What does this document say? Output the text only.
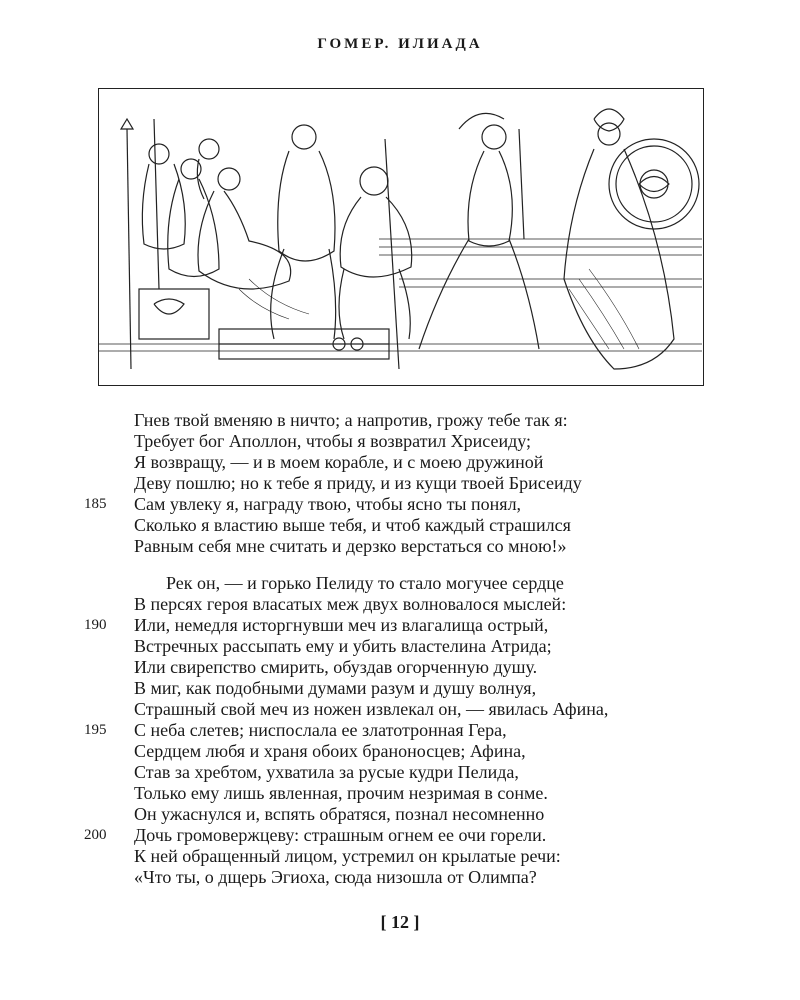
ГОМЕР. ИЛИАДА
Гнев твой вменяю в ничто; а напротив, грожу тебе так я:
Требует бог Аполлон, чтобы я возвратил Хрисеиду;
Я возвращу, — и в моем корабле, и с моею дружиной
Деву пошлю; но к тебе я приду, и из кущи твоей Брисеиду
185	Сам увлеку я, награду твою, чтобы ясно ты понял,
Сколько я властию выше тебя, и чтоб каждый страшился
Равным себя мне считать и дерзко верстаться со мною!»
Рек он, — и горько Пелиду то стало могучее сердце
В персях героя власатых меж двух волновалося мыслей:
190	Или, немедля исторгнувши меч из влагалища острый,
Встречных рассыпать ему и убить властелина Атрида;
Или свирепство смирить, обуздав огорченную душу.
В миг, как подобными думами разум и душу волнуя,
Страшный свой меч из ножен извлекал он, — явилась Афина,
195	С неба слетев; ниспослала ее златотронная Гера,
Сердцем любя и храня обоих браноносцев; Афина,
Став за хребтом, ухватила за русые кудри Пелида,
Только ему лишь явленная, прочим незримая в сонме.
Он ужаснулся и, вспять обратяся, познал несомненно
200	Дочь громовержцеву: страшным огнем ее очи горели.
К ней обращенный лицом, устремил он крылатые речи:
«Что ты, о дщерь Эгиоха, сюда низошла от Олимпа?
[ 12 ]
